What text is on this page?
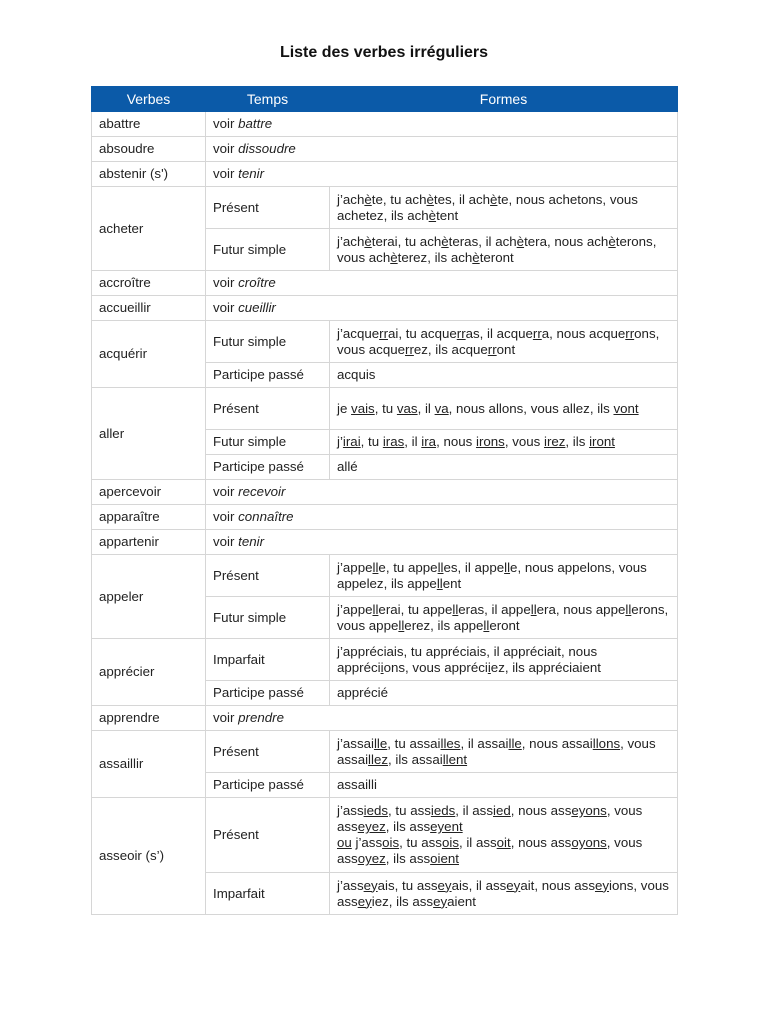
Liste des verbes irréguliers
Verbes	Temps	Formes
abattre	voir battre	
absoudre	voir dissoudre	
abstenir (s')	voir tenir	
acheter	Présent	j’achète, tu achètes, il achète, nous achetons, vous achetez, ils achètent
	Futur simple	j’achèterai, tu achèteras, il achètera, nous achèterons, vous achèterez, ils achèteront
accroître	voir croître	
accueillir	voir cueillir	
acquérir	Futur simple	j’acquerrai, tu acquerras, il acquerra, nous acquerrons, vous acquerrez, ils acquerront
	Participe passé	acquis
aller	Présent	je vais, tu vas, il va, nous allons, vous allez, ils vont
	Futur simple	j’irai, tu iras, il ira, nous irons, vous irez, ils iront
	Participe passé	allé
apercevoir	voir recevoir	
apparaître	voir connaître	
appartenir	voir tenir	
appeler	Présent	j’appelle, tu appelles, il appelle, nous appelons, vous appelez, ils appellent
	Futur simple	j’appellerai, tu appelleras, il appellera, nous appellerons, vous appellerez, ils appelleront
apprécier	Imparfait	j’appréciais, tu appréciais, il appréciait, nous appréciions, vous appréciiez, ils appréciaient
	Participe passé	apprécié
apprendre	voir prendre	
assaillir	Présent	j’assaille, tu assailles, il assaille, nous assaillons, vous assaillez, ils assaillent
	Participe passé	assailli
asseoir (s’)	Présent	j’assieds, tu assieds, il assied, nous asseyons, vous asseyez, ils asseyent
ou j’assois, tu assois, il assoit, nous assoyons, vous assoyez, ils assoient
	Imparfait	j’asseyais, tu asseyais, il asseyait, nous asseyions, vous asseyiez, ils asseyaient
